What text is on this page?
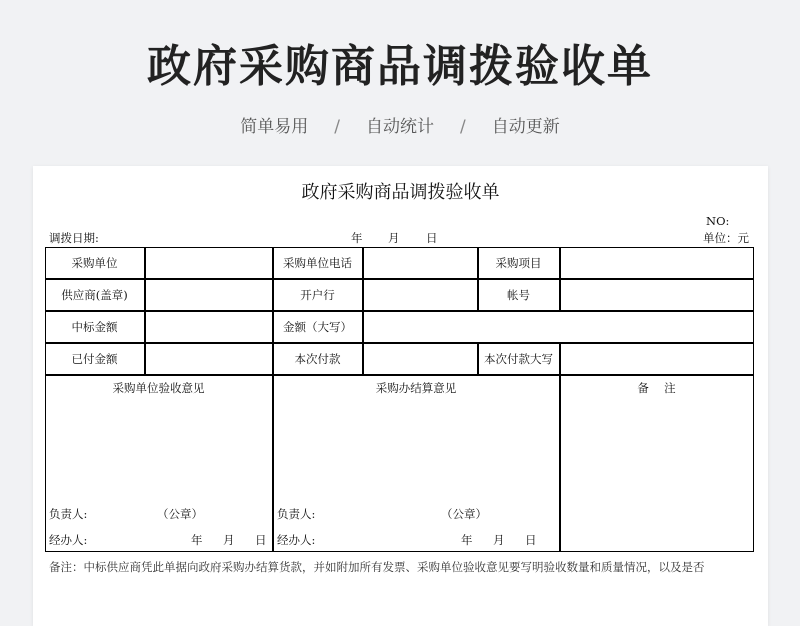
政府采购商品调拨验收单
简单易用 / 自动统计 / 自动更新
政府采购商品调拨验收单
NO:
调拨日期:	年 月 日	单位：元
采购单位	采购单位电话	采购项目
供应商(盖章)	开户行	帐号
中标金额	金额（大写）
已付金额	本次付款	本次付款大写
采购单位验收意见	采购办结算意见	备　 注
负责人:	（公章）
经办人:	年 月 日
负责人:	（公章）
经办人:	年 月 日
备注：中标供应商凭此单据向政府采购办结算货款，并如附加所有发票、采购单位验收意见要写明验收数量和质量情况，以及是否
